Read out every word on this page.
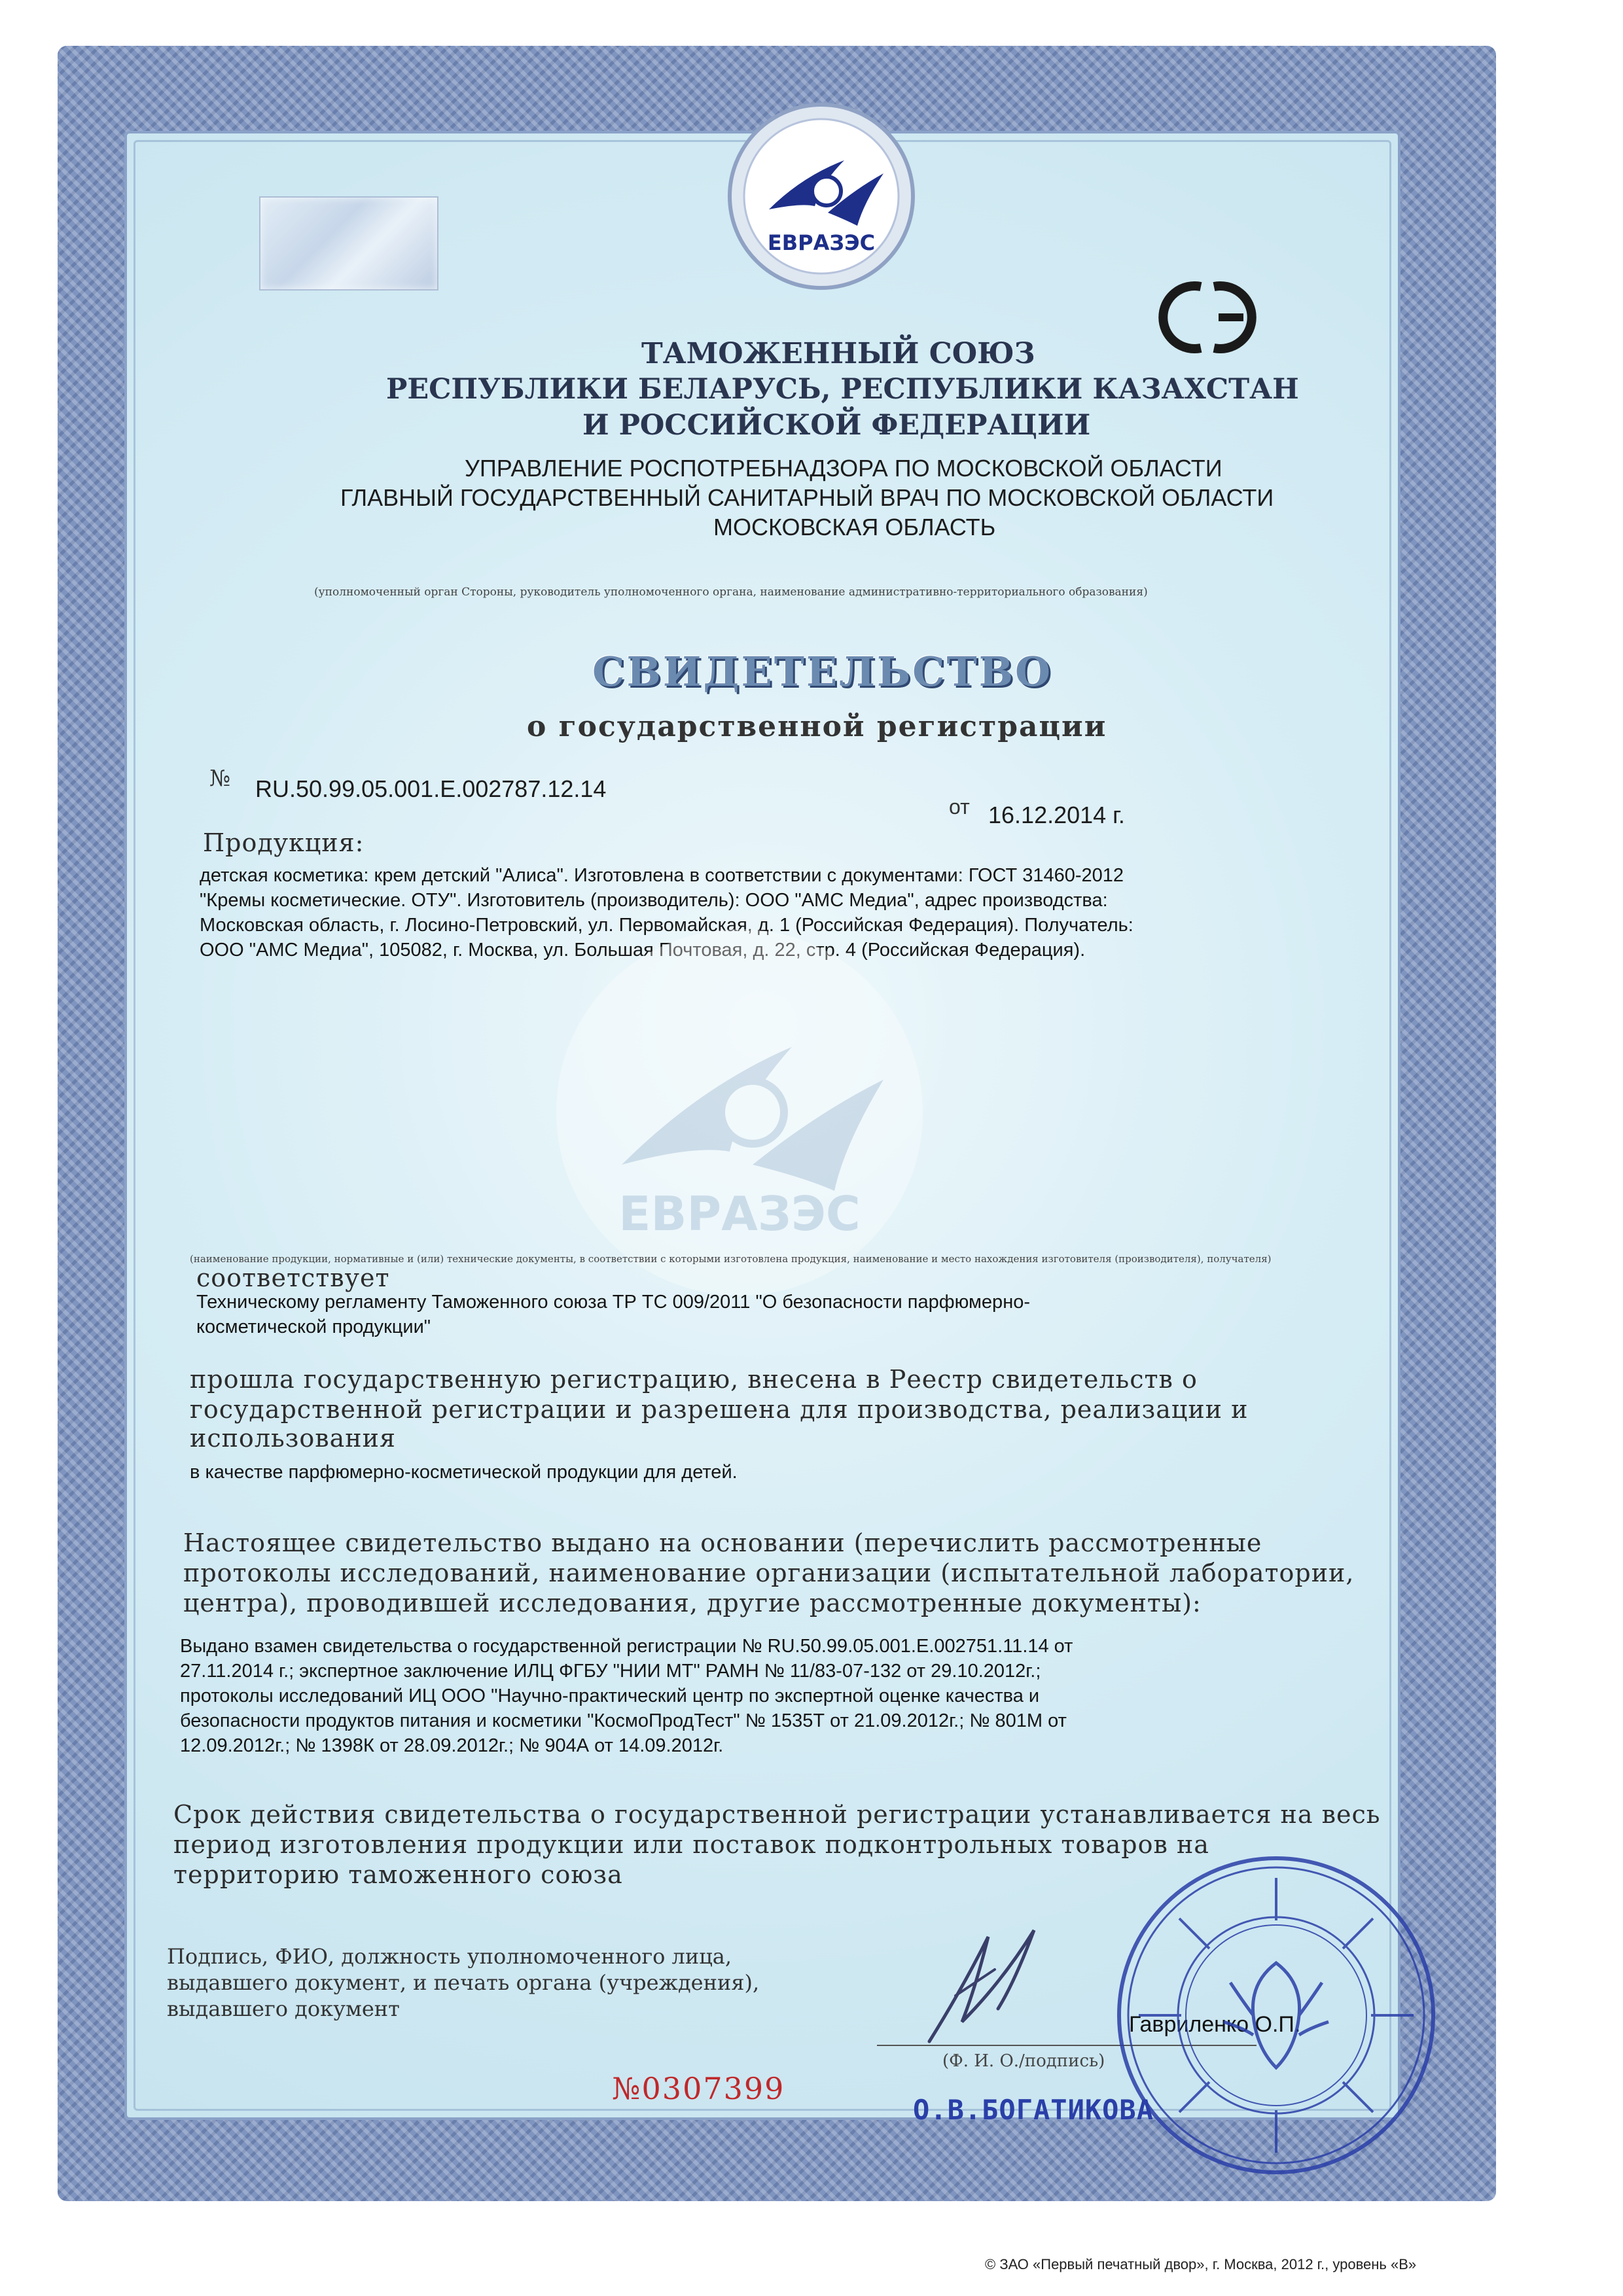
ЕВРАЗЭС
ТАМОЖЕННЫЙ СОЮЗ
РЕСПУБЛИКИ БЕЛАРУСЬ, РЕСПУБЛИКИ КАЗАХСТАН
И РОССИЙСКОЙ ФЕДЕРАЦИИ
УПРАВЛЕНИЕ РОСПОТРЕБНАДЗОРА ПО МОСКОВСКОЙ ОБЛАСТИ
ГЛАВНЫЙ ГОСУДАРСТВЕННЫЙ САНИТАРНЫЙ ВРАЧ ПО МОСКОВСКОЙ ОБЛАСТИ
МОСКОВСКАЯ ОБЛАСТЬ
(уполномоченный орган Стороны, руководитель уполномоченного органа, наименование административно-территориального образования)
СВИДЕТЕЛЬСТВО
о государственной регистрации
№ RU.50.99.05.001.E.002787.12.14
от 16.12.2014 г.
Продукция:
детская косметика: крем детский "Алиса". Изготовлена в соответствии с документами: ГОСТ 31460-2012
"Кремы косметические. ОТУ". Изготовитель (производитель): ООО "АМС Медиа", адрес производства:
Московская область, г. Лосино-Петровский, ул. Первомайская, д. 1 (Российская Федерация). Получатель:
ООО "АМС Медиа", 105082, г. Москва, ул. Большая Почтовая, д. 22, стр. 4 (Российская Федерация).
ЕВРАЗЭС
(наименование продукции, нормативные и (или) технические документы, в соответствии с которыми изготовлена продукция, наименование и место нахождения изготовителя (производителя), получателя)
соответствует
Техническому регламенту Таможенного союза ТР ТС 009/2011 "О безопасности парфюмерно-
косметической продукции"
прошла государственную регистрацию, внесена в Реестр свидетельств о
государственной регистрации и разрешена для производства, реализации и
использования
в качестве парфюмерно-косметической продукции для детей.
Настоящее свидетельство выдано на основании (перечислить рассмотренные
протоколы исследований, наименование организации (испытательной лаборатории,
центра), проводившей исследования, другие рассмотренные документы):
Выдано взамен свидетельства о государственной регистрации № RU.50.99.05.001.E.002751.11.14 от
27.11.2014 г.; экспертное заключение ИЛЦ ФГБУ "НИИ МТ" РАМН № 11/83-07-132 от 29.10.2012г.;
протоколы исследований ИЦ ООО "Научно-практический центр по экспертной оценке качества и
безопасности продуктов питания и косметики "КосмоПродТест" № 1535Т от 21.09.2012г.; № 801М от
12.09.2012г.; № 1398К от 28.09.2012г.; № 904А от 14.09.2012г.
Срок действия свидетельства о государственной регистрации устанавливается на весь
период изготовления продукции или поставок подконтрольных товаров на
территорию таможенного союза
Подпись, ФИО, должность уполномоченного лица,
выдавшего документ, и печать органа (учреждения),
выдавшего документ
Гавриленко О.П.
(Ф. И. О./подпись)
№0307399
О.В.БОГАТИКОВА
© ЗАО «Первый печатный двор», г. Москва, 2012 г., уровень «В»
